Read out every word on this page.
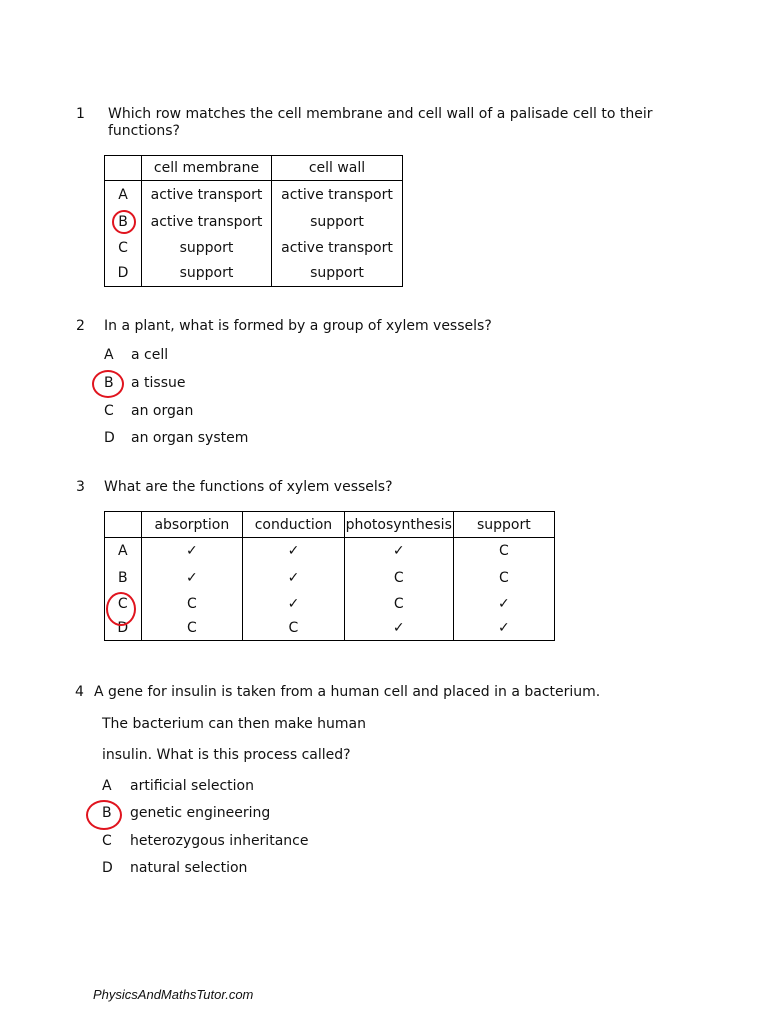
1 Which row matches the cell membrane and cell wall of a palisade cell to their
functions?
	cell membrane	cell wall
A	active transport	active transport
B	active transport	support
C	support	active transport
D	support	support
2 In a plant, what is formed by a group of xylem vessels?
A a cell
B a tissue
C an organ
D an organ system
3 What are the functions of xylem vessels?
	absorption	conduction	photosynthesis	support
A	✓	✓	✓	C
B	✓	✓	C	C
C	C	✓	C	✓
D	C	C	✓	✓
4 A gene for insulin is taken from a human cell and placed in a bacterium.
The bacterium can then make human
insulin. What is this process called?
A artificial selection
B genetic engineering
C heterozygous inheritance
D natural selection
PhysicsAndMathsTutor.com
